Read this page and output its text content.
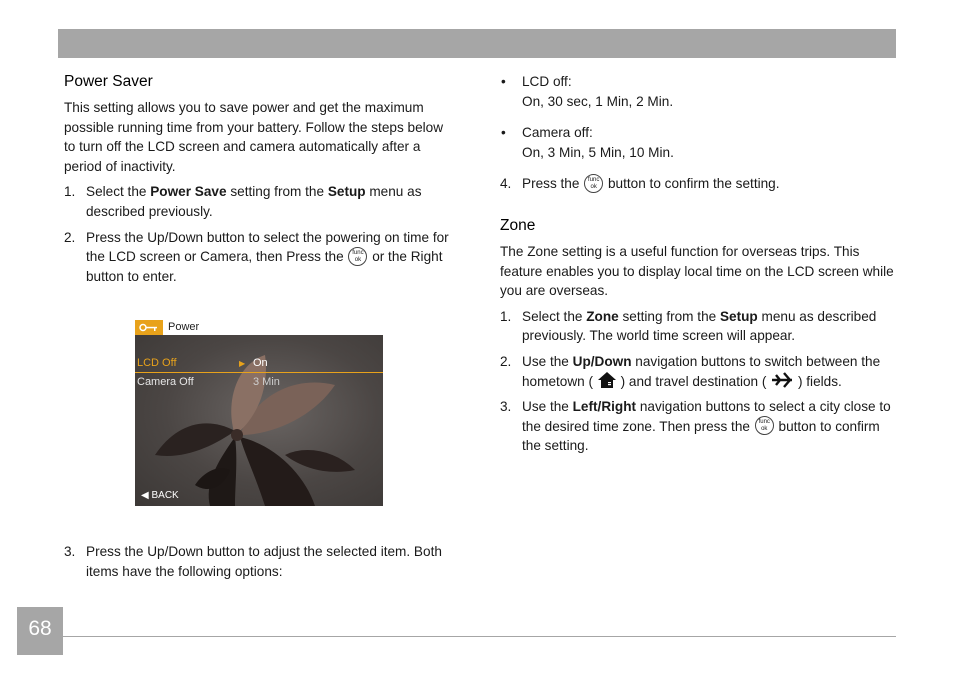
Power Saver

This setting allows you to save power and get the maximum possible running time from your battery. Follow the steps below to turn off the LCD screen and camera automatically after a period of inactivity.

1. Select the Power Save setting from the Setup menu as described previously.
2. Press the Up/Down button to select the powering on time for the LCD screen or Camera, then Press the func
ok or the Right button to enter.
Power
LCD Off	▶ On
Camera Off	3 Min
◀ BACK
3. Press the Up/Down button to adjust the selected item. Both items have the following options:
• LCD off:
On, 30 sec, 1 Min, 2 Min.
• Camera off:
On, 3 Min, 5 Min, 10 Min.
4. Press the func
ok button to confirm the setting.
Zone

The Zone setting is a useful function for overseas trips. This feature enables you to display local time on the LCD screen while you are overseas.

1. Select the Zone setting from the Setup menu as described previously. The world time screen will appear.
2. Use the Up/Down navigation buttons to switch between the hometown (  ) and travel destination (  ) fields.
3. Use the Left/Right navigation buttons to select a city close to the desired time zone. Then press the func
ok button to confirm the setting.
68
